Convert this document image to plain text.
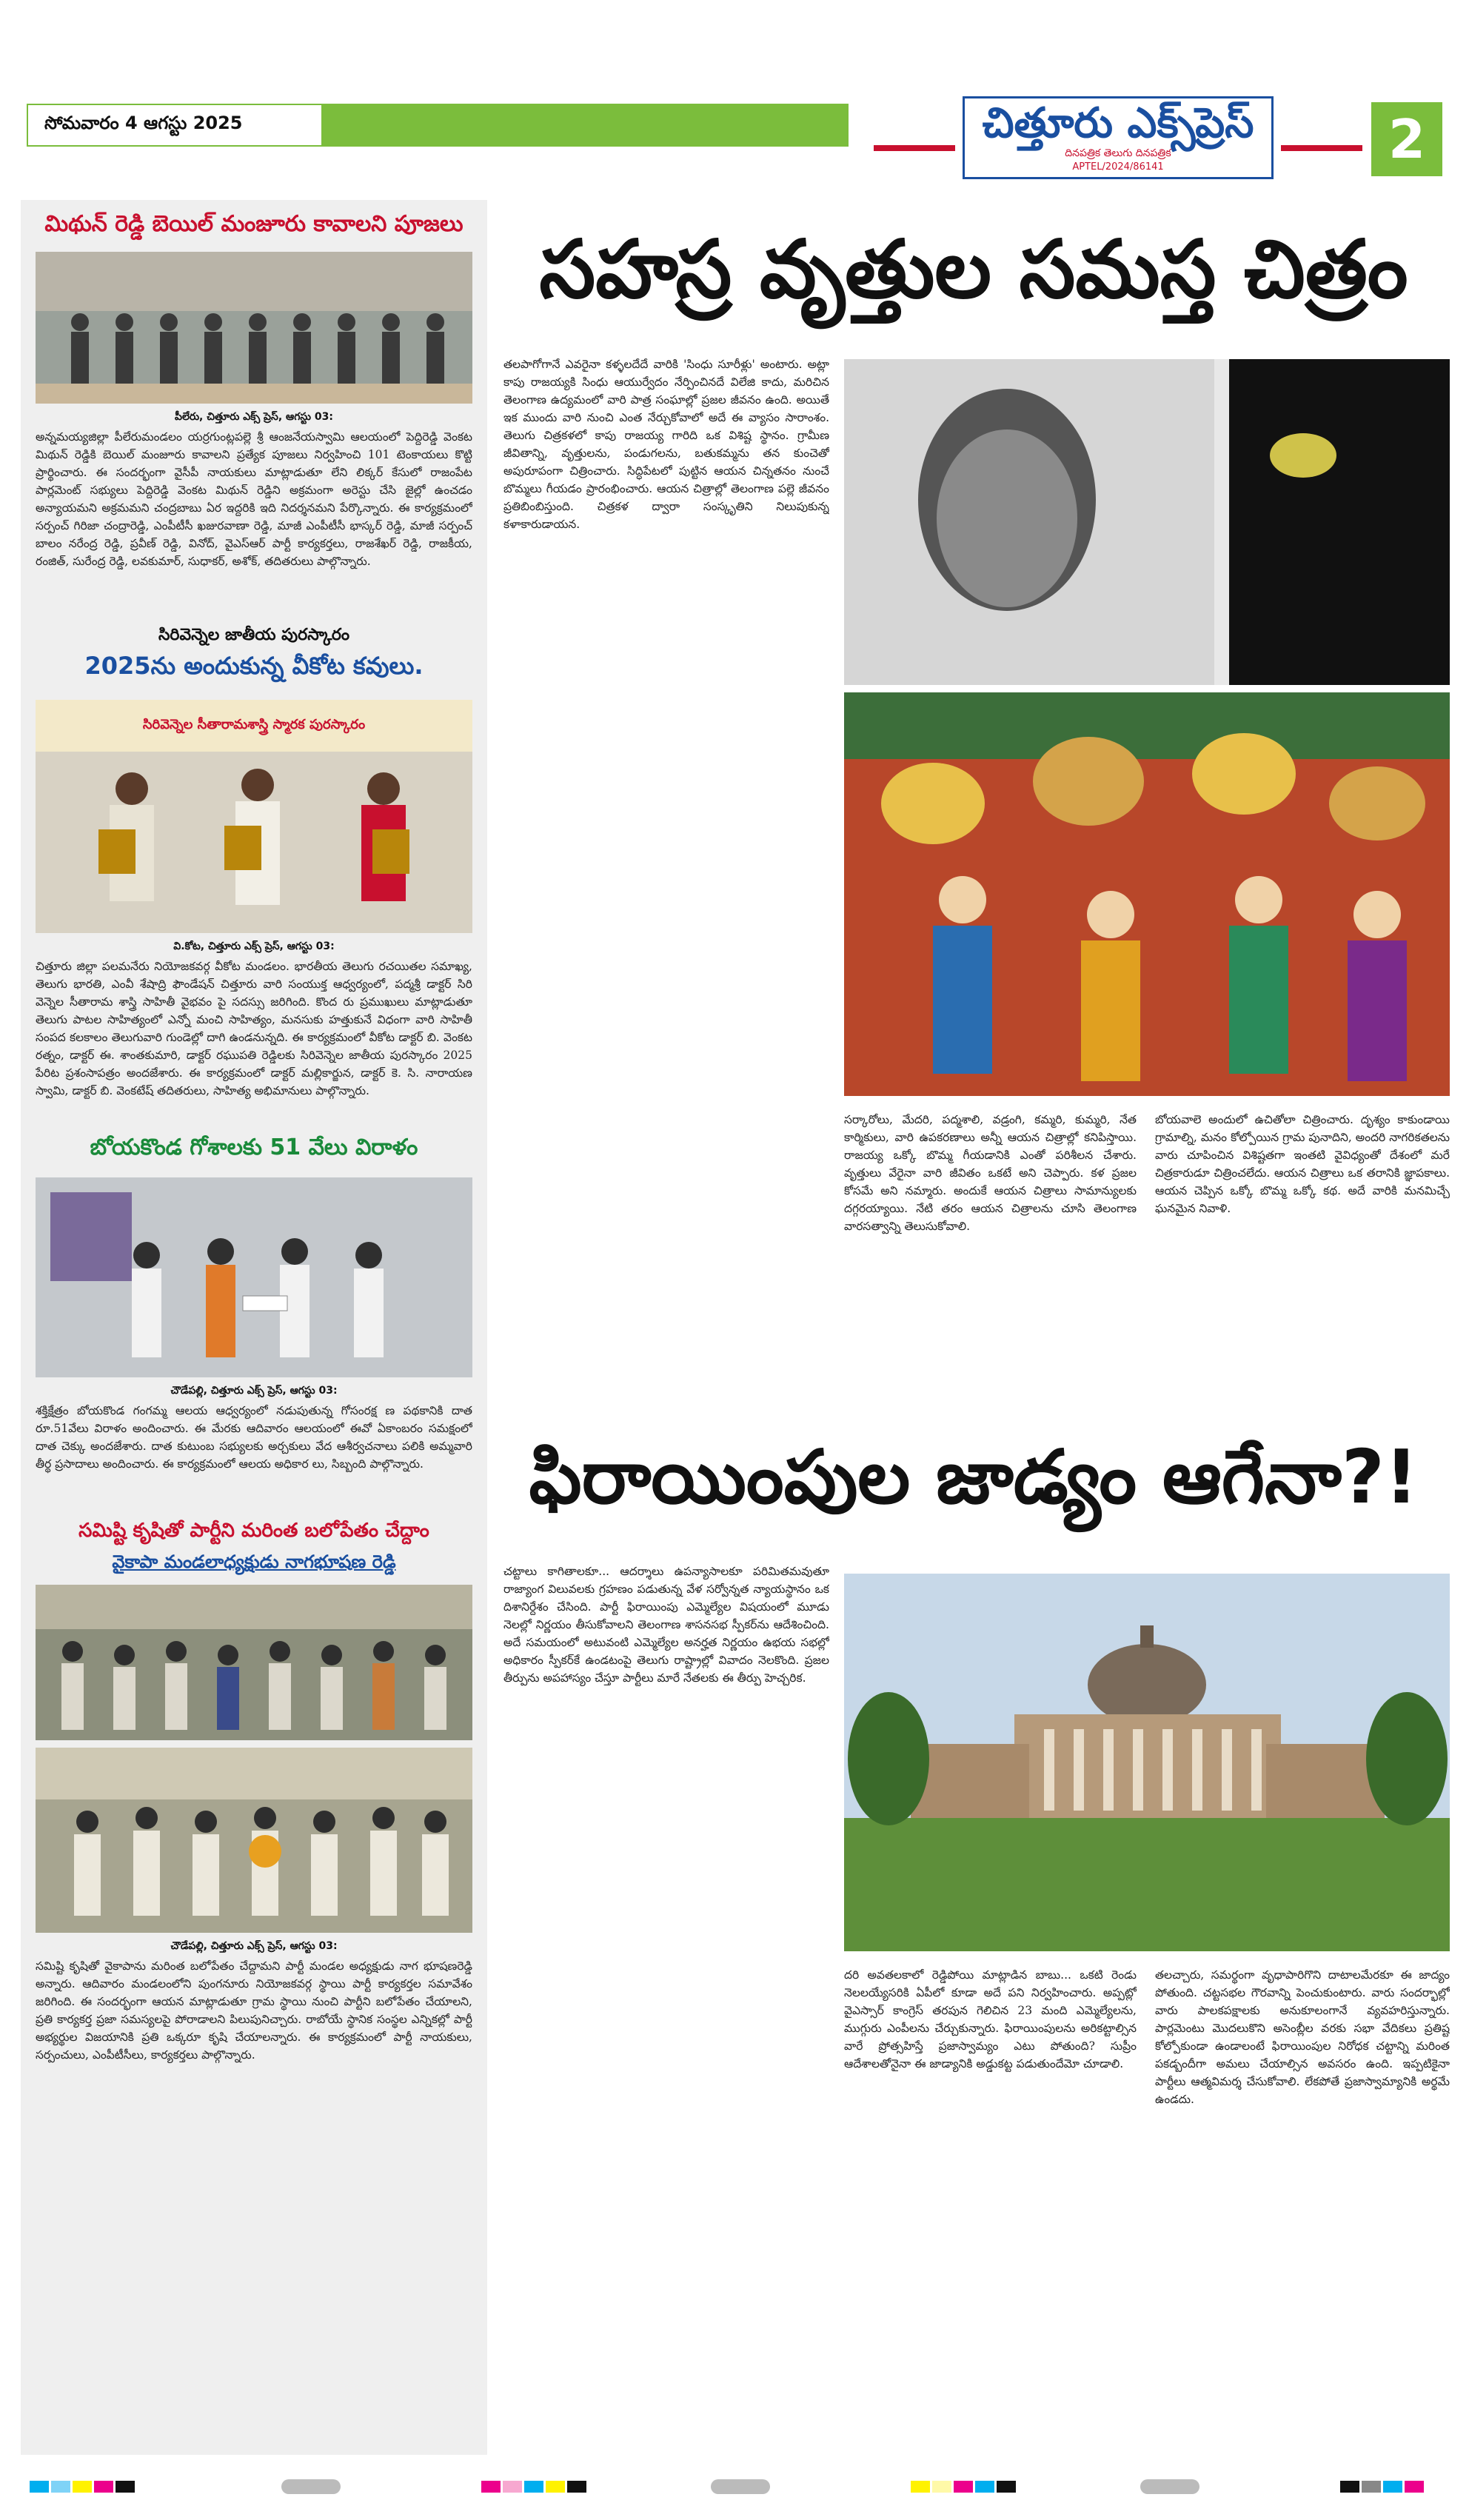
సోమవారం 4 ఆగస్టు 2025	చిత్తూరు ఎక్స్‌ప్రెస్
దినపత్రిక తెలుగు దినపత్రిక
APTEL/2024/86141	2
మిథున్ రెడ్డి బెయిల్ మంజూరు కావాలని పూజలు
పీలేరు, చిత్తూరు ఎక్స్ ప్రెస్, ఆగస్టు 03:
అన్నమయ్యజిల్లా పీలేరుమండలం యర్రగుంట్లపల్లె శ్రీ ఆంజనేయస్వామి ఆలయంలో పెద్దిరెడ్డి వెంకట మిథున్ రెడ్డికి బెయిల్ మంజూరు కావాలని ప్రత్యేక పూజలు నిర్వహించి 101 టెంకాయలు కొట్టి ప్రార్థించారు. ఈ సందర్భంగా వైసీపీ నాయకులు మాట్లాడుతూ లేని లిక్కర్ కేసులో రాజంపేట పార్లమెంట్ సభ్యులు పెద్దిరెడ్డి వెంకట మిథున్ రెడ్డిని అక్రమంగా అరెస్టు చేసి జైల్లో ఉంచడం అన్యాయమని అక్రమమని చంద్రబాబు ఏర ఇద్దరికి ఇది నిదర్శనమని పేర్కొన్నారు. ఈ కార్యక్రమంలో సర్పంచ్ గిరిజా చంద్రారెడ్డి, ఎంపీటీసీ ఖజురవాణా రెడ్డి, మాజీ ఎంపీటీసీ భాస్కర్ రెడ్డి, మాజీ సర్పంచ్ బాలం నరేంద్ర రెడ్డి, ప్రవీణ్ రెడ్డి, వినోద్, వైఎస్ఆర్ పార్టీ కార్యకర్తలు, రాజశేఖర్ రెడ్డి, రాజకీయ, రంజిత్, సురేంద్ర రెడ్డి, లవకుమార్, సుధాకర్, అశోక్, తదితరులు పాల్గొన్నారు.
సిరివెన్నెల జాతీయ పురస్కారం
2025ను అందుకున్న వీకోట కవులు.
సిరివెన్నెల సీతారామశాస్త్రి స్మారక పురస్కారం
వి.కోట, చిత్తూరు ఎక్స్ ప్రెస్, ఆగస్టు 03:
చిత్తూరు జిల్లా పలమనేరు నియోజకవర్గ వీకోట మండలం. భారతీయ తెలుగు రచయితల సమాఖ్య, తెలుగు భారతి, ఎంవీ శేషాద్రి ఫౌండేషన్ చిత్తూరు వారి సంయుక్త ఆధ్వర్యంలో, పద్మశ్రీ డాక్టర్ సిరి వెన్నెల సీతారామ శాస్త్రి సాహితీ వైభవం పై సదస్సు జరిగింది. కొంద రు ప్రముఖులు మాట్లాడుతూ తెలుగు పాటల సాహిత్యంలో ఎన్నో మంచి సాహిత్యం, మనసుకు హత్తుకునే విధంగా వారి సాహితీ సంపద కలకాలం తెలుగువారి గుండెల్లో దాగి ఉండనున్నది. ఈ కార్యక్రమంలో వీకోట డాక్టర్ బి. వెంకట రత్నం, డాక్టర్ ఈ. శాంతకుమారి, డాక్టర్ రఘుపతి రెడ్డిలకు సిరివెన్నెల జాతీయ పురస్కారం 2025 పేరిట ప్రశంసాపత్రం అందజేశారు. ఈ కార్యక్రమంలో డాక్టర్ మల్లికార్జున, డాక్టర్ కె. సి. నారాయణ స్వామి, డాక్టర్ బి. వెంకటేష్ తదితరులు, సాహిత్య అభిమానులు పాల్గొన్నారు.
బోయకొండ గోశాలకు 51 వేలు విరాళం
చౌడేపల్లి, చిత్తూరు ఎక్స్ ప్రెస్, ఆగస్టు 03:
శక్తిక్షేత్రం బోయకొండ గంగమ్మ ఆలయ ఆధ్వర్యంలో నడుపుతున్న గోసంరక్ష ణ పథకానికి దాత రూ.51వేలు విరాళం అందించారు. ఈ మేరకు ఆదివారం ఆలయంలో ఈవో ఏకాంబరం సమక్షంలో దాత చెక్కు అందజేశారు. దాత కుటుంబ సభ్యులకు అర్చకులు వేద ఆశీర్వచనాలు పలికి అమ్మవారి తీర్థ ప్రసాదాలు అందించారు. ఈ కార్యక్రమంలో ఆలయ అధికార లు, సిబ్బంది పాల్గొన్నారు.
సమిష్టి కృషితో పార్టీని మరింత బలోపేతం చేద్దాం
వైకాపా మండలాధ్యక్షుడు నాగభూషణ రెడ్డి
చౌడేపల్లి, చిత్తూరు ఎక్స్ ప్రెస్, ఆగస్టు 03:
సమిష్టి కృషితో వైకాపాను మరింత బలోపేతం చేద్దామని పార్టీ మండల అధ్యక్షుడు నాగ భూషణరెడ్డి అన్నారు. ఆదివారం మండలంలోని పుంగనూరు నియోజకవర్గ స్థాయి పార్టీ కార్యకర్తల సమావేశం జరిగింది. ఈ సందర్భంగా ఆయన మాట్లాడుతూ గ్రామ స్థాయి నుంచి పార్టీని బలోపేతం చేయాలని, ప్రతి కార్యకర్త ప్రజా సమస్యలపై పోరాడాలని పిలుపునిచ్చారు. రాబోయే స్థానిక సంస్థల ఎన్నికల్లో పార్టీ అభ్యర్థుల విజయానికి ప్రతి ఒక్కరూ కృషి చేయాలన్నారు. ఈ కార్యక్రమంలో పార్టీ నాయకులు, సర్పంచులు, ఎంపీటీసీలు, కార్యకర్తలు పాల్గొన్నారు.
సహస్ర వృత్తుల సమస్త చిత్రం
తలపాగోగానే ఎవరైనా కళ్ళలదేదే వారికి 'సింధు సూరీళ్లు' అంటారు. అట్లా కాపు రాజయ్యకి సింధు ఆయుర్వేదం నేర్పించినదే విలేజి కాదు, మరిచిన తెలంగాణ ఉద్యమంలో వారి పాత్ర సంఘాల్లో ప్రజల జీవనం ఉంది. అయితే ఇక ముందు వారి నుంచి ఎంత నేర్చుకోవాలో అదే ఈ వ్యాసం సారాంశం. తెలుగు చిత్రకళలో కాపు రాజయ్య గారిది ఒక విశిష్ట స్థానం. గ్రామీణ జీవితాన్ని, వృత్తులను, పండుగలను, బతుకమ్మను తన కుంచెతో అపురూపంగా చిత్రించారు. సిద్ధిపేటలో పుట్టిన ఆయన చిన్నతనం నుంచే బొమ్మలు గీయడం ప్రారంభించారు. ఆయన చిత్రాల్లో తెలంగాణ పల్లె జీవనం ప్రతిబింబిస్తుంది. చిత్రకళ ద్వారా సంస్కృతిని నిలుపుకున్న కళాకారుడాయన.
సర్కారోలు, మేదరి, పద్మశాలి, వడ్రంగి, కమ్మరి, కుమ్మరి, నేత కార్మికులు, వారి ఉపకరణాలు అన్నీ ఆయన చిత్రాల్లో కనిపిస్తాయి. రాజయ్య ఒక్కో బొమ్మ గీయడానికి ఎంతో పరిశీలన చేశారు. వృత్తులు వేరైనా వారి జీవితం ఒకటే అని చెప్పారు. కళ ప్రజల కోసమే అని నమ్మారు. అందుకే ఆయన చిత్రాలు సామాన్యులకు దగ్గరయ్యాయి. నేటి తరం ఆయన చిత్రాలను చూసి తెలంగాణ వారసత్వాన్ని తెలుసుకోవాలి.
బోయవాలె అందులో ఉచితోలా చిత్రించారు. దృశ్యం కాకుండాయి గ్రామాల్ని, మనం కోల్పోయిన గ్రామ పునాదిని, అందరి నాగరికతలను వారు చూపించిన విశిష్టతగా ఇంతటి వైవిధ్యంతో దేశంలో మరే చిత్రకారుడూ చిత్రించలేదు. ఆయన చిత్రాలు ఒక తరానికి జ్ఞాపకాలు. ఆయన చెప్పిన ఒక్కో బొమ్మ ఒక్కో కథ. అదే వారికి మనమిచ్చే ఘనమైన నివాళి.
ఫిరాయింపుల జాడ్యం ఆగేనా?!
చట్టాలు కాగితాలకూ... ఆదర్శాలు ఉపన్యాసాలకూ పరిమితమవుతూ రాజ్యాంగ విలువలకు గ్రహణం పడుతున్న వేళ సర్వోన్నత న్యాయస్థానం ఒక దిశానిర్దేశం చేసింది. పార్టీ ఫిరాయింపు ఎమ్మెల్యేల విషయంలో మూడు నెలల్లో నిర్ణయం తీసుకోవాలని తెలంగాణ శాసనసభ స్పీకర్‌ను ఆదేశించింది. అదే సమయంలో అటువంటి ఎమ్మెల్యేల అనర్హత నిర్ణయం ఉభయ సభల్లో అధికారం స్పీకర్‌కే ఉండటంపై తెలుగు రాష్ట్రాల్లో వివాదం నెలకొంది. ప్రజల తీర్పును అపహాస్యం చేస్తూ పార్టీలు మారే నేతలకు ఈ తీర్పు హెచ్చరిక.
దరి అవతలకాలో రెడ్డిపోయి మాట్లాడిన బాబు... ఒకటి రెండు నెలలయ్యేసరికి ఏపీలో కూడా అదే పని నిర్వహించారు. అప్పట్లో వైఎస్సార్ కాంగ్రెస్ తరపున గెలిచిన 23 మంది ఎమ్మెల్యేలను, ముగ్గురు ఎంపీలను చేర్చుకున్నారు. ఫిరాయింపులను అరికట్టాల్సిన వారే ప్రోత్సహిస్తే ప్రజాస్వామ్యం ఎటు పోతుంది? సుప్రీం ఆదేశాలతోనైనా ఈ జాడ్యానికి అడ్డుకట్ట పడుతుందేమో చూడాలి.
తలచ్చారు, సమర్థంగా వృధాపారిగొని దాటాలమేరకూ ఈ జాద్యం పోతుంది. చట్టసభల గౌరవాన్ని పెంచుకుంటారు. వారు సందర్భాల్లో వారు పాలకపక్షాలకు అనుకూలంగానే వ్యవహరిస్తున్నారు. పార్లమెంటు మొదలుకొని అసెంబ్లీల వరకు సభా వేదికలు ప్రతిష్ట కోల్పోకుండా ఉండాలంటే ఫిరాయింపుల నిరోధక చట్టాన్ని మరింత పకడ్బందీగా అమలు చేయాల్సిన అవసరం ఉంది. ఇప్పటికైనా పార్టీలు ఆత్మవిమర్శ చేసుకోవాలి. లేకపోతే ప్రజాస్వామ్యానికి అర్థమే ఉండదు.
